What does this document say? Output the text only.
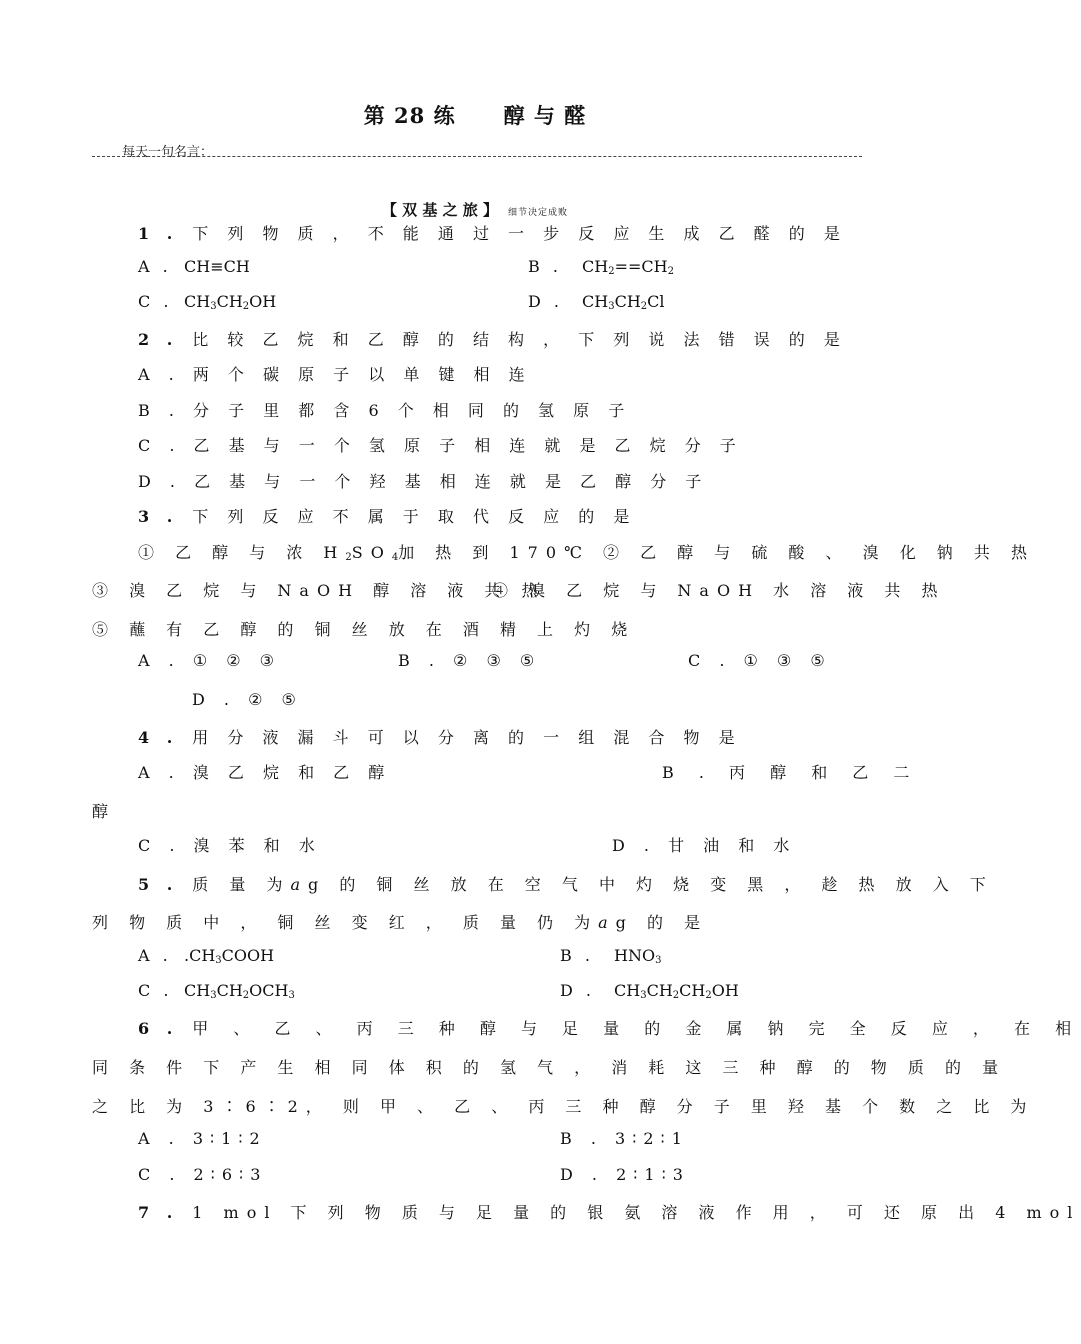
第 28 练 醇 与 醛
每天一句名言：
【 双 基 之 旅 】 细节决定成败
1 . 下 列 物 质 ， 不 能 通 过 一 步 反 应 生 成 乙 醛 的 是
A . CH≡CH	B . $CH_2==CH_2$
C . $CH_3CH_2OH$	D . $CH_3CH_2Cl$
2 . 比 较 乙 烷 和 乙 醇 的 结 构 ， 下 列 说 法 错 误 的 是
A . 两 个 碳 原 子 以 单 键 相 连
B . 分 子 里 都 含 6 个 相 同 的 氢 原 子
C . 乙 基 与 一 个 氢 原 子 相 连 就 是 乙 烷 分 子
D . 乙 基 与 一 个 羟 基 相 连 就 是 乙 醇 分 子
3 . 下 列 反 应 不 属 于 取 代 反 应 的 是
① 乙 醇 与 浓 $H_2SO_4$加 热 到 170℃ ② 乙 醇 与 硫 酸 、 溴 化 钠 共 热
③ 溴 乙 烷 与 NaOH 醇 溶 液 共 热
④ 溴 乙 烷 与 NaOH 水 溶 液 共 热
⑤ 蘸 有 乙 醇 的 铜 丝 放 在 酒 精 上 灼 烧
A . ① ② ③	B . ② ③ ⑤	C . ① ③ ⑤
D . ② ⑤
4 . 用 分 液 漏 斗 可 以 分 离 的 一 组 混 合 物 是
A . 溴 乙 烷 和 乙 醇	B . 丙 醇 和 乙 二
醇
C . 溴 苯 和 水	D . 甘 油 和 水
5 . 质 量 为ag 的 铜 丝 放 在 空 气 中 灼 烧 变 黑 ， 趁 热 放 入 下
列 物 质 中 ， 铜 丝 变 红 ， 质 量 仍 为ag 的 是
A . $.CH_3COOH$	B . $HNO_3$
C . $CH_3CH_2OCH_3$	D . $CH_3CH_2CH_2OH$
6 . 甲 、 乙 、 丙 三 种 醇 与 足 量 的 金 属 钠 完 全 反 应 ， 在 相
同 条 件 下 产 生 相 同 体 积 的 氢 气 ， 消 耗 这 三 种 醇 的 物 质 的 量
之 比 为 3∶6∶2， 则 甲 、 乙 、 丙 三 种 醇 分 子 里 羟 基 个 数 之 比 为
A . 3∶1∶2	B . 3∶2∶1
C . 2∶6∶3	D . 2∶1∶3
7 . 1 mol 下 列 物 质 与 足 量 的 银 氨 溶 液 作 用 ， 可 还 原 出 4 mol
